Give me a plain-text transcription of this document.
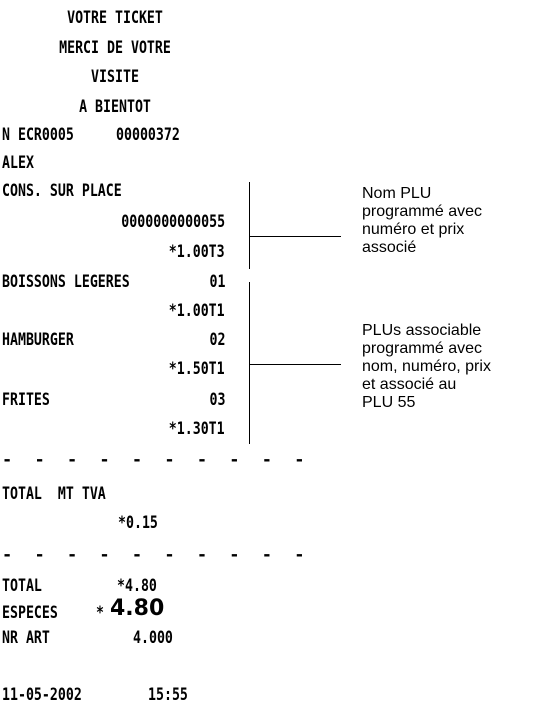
VOTRE TICKET
MERCI DE VOTRE
VISITE
A BIENTOT
N ECR0005 00000372
ALEX
CONS. SUR PLACE
0000000000055
*1.00T3
BOISSONS LEGERES	01
*1.00T1
HAMBURGER	02
*1.50T1
FRITES	03
*1.30T1
- - - - - - - - - -
TOTAL  MT TVA
*0.15
- - - - - - - - - -
TOTAL	*4.80
ESPECES * 4.80
NR ART	4.000
11-05-2002	15:55
Nom PLU
programmé avec
numéro et prix
associé
PLUs associable
programmé avec
nom, numéro, prix
et associé au
PLU 55
